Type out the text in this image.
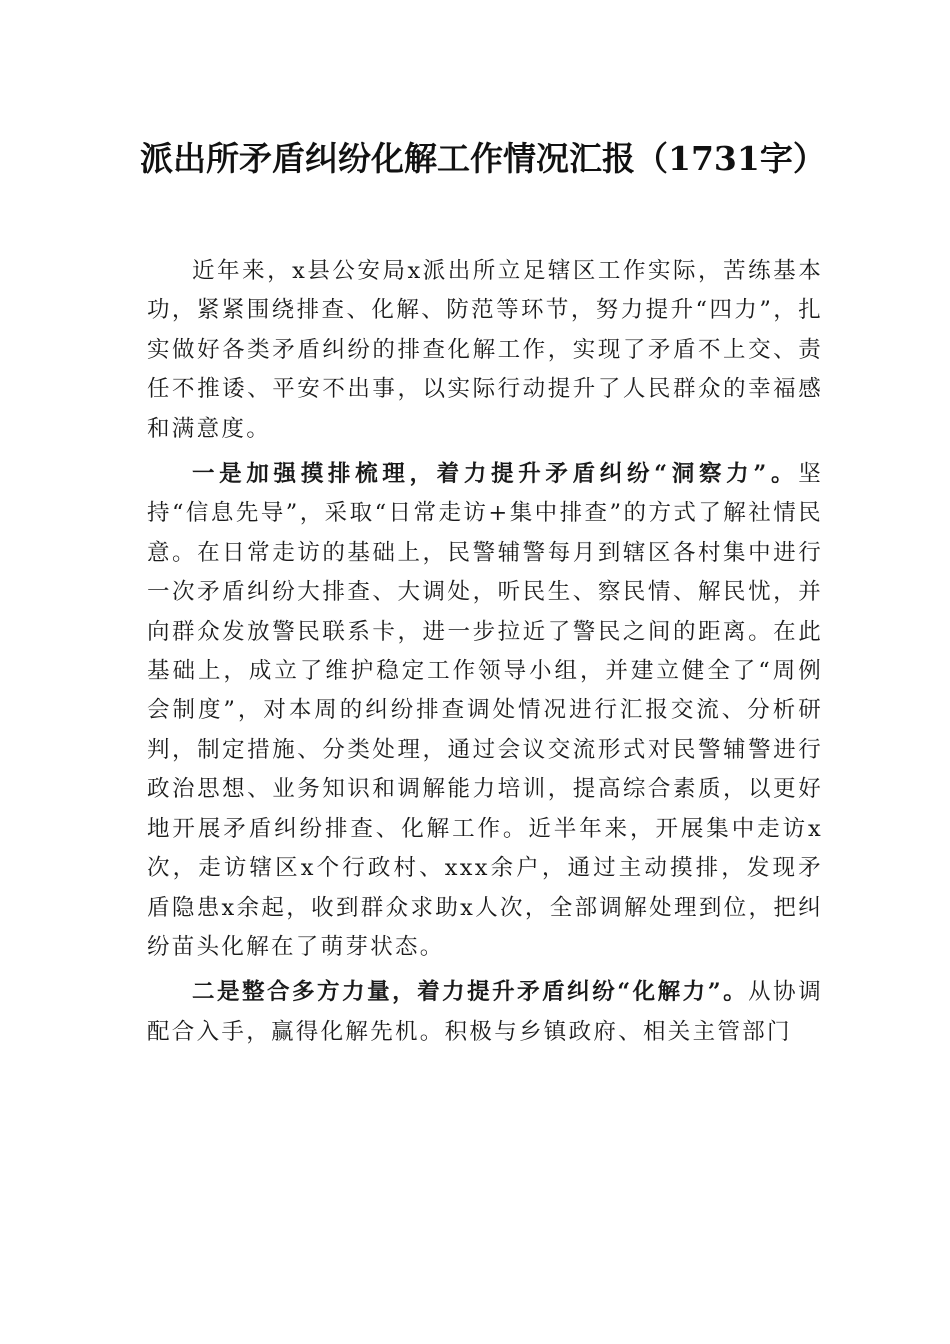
派出所矛盾纠纷化解工作情况汇报（1731字）

近年来，x县公安局x派出所立足辖区工作实际，苦练基本功，紧紧围绕排查、化解、防范等环节，努力提升“四力”，扎实做好各类矛盾纠纷的排查化解工作，实现了矛盾不上交、责任不推诿、平安不出事，以实际行动提升了人民群众的幸福感和满意度。

一是加强摸排梳理，着力提升矛盾纠纷“洞察力”。坚持“信息先导”，采取“日常走访+集中排查”的方式了解社情民意。在日常走访的基础上，民警辅警每月到辖区各村集中进行一次矛盾纠纷大排查、大调处，听民生、察民情、解民忧，并向群众发放警民联系卡，进一步拉近了警民之间的距离。在此基础上，成立了维护稳定工作领导小组，并建立健全了“周例会制度”，对本周的纠纷排查调处情况进行汇报交流、分析研判，制定措施、分类处理，通过会议交流形式对民警辅警进行政治思想、业务知识和调解能力培训，提高综合素质，以更好地开展矛盾纠纷排查、化解工作。近半年来，开展集中走访x次，走访辖区x个行政村、xxx余户，通过主动摸排，发现矛盾隐患x余起，收到群众求助x人次，全部调解处理到位，把纠纷苗头化解在了萌芽状态。

二是整合多方力量，着力提升矛盾纠纷“化解力”。从协调配合入手，赢得化解先机。积极与乡镇政府、相关主管部门
